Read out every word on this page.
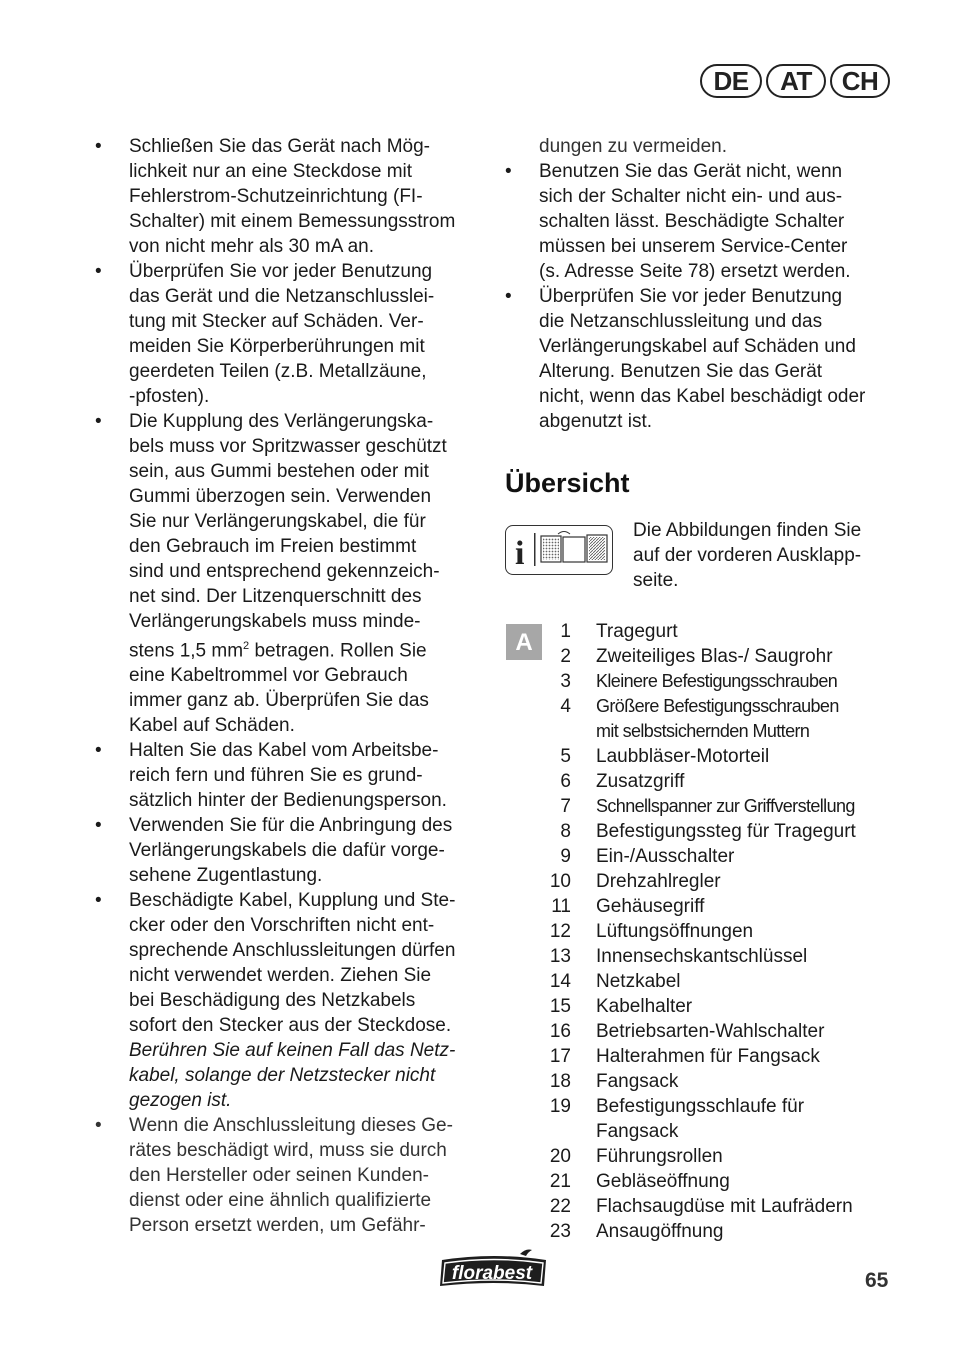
DE	AT	CH
• Schließen Sie das Gerät nach Mög-
lichkeit nur an eine Steckdose mit
Fehlerstrom-Schutzeinrichtung (FI-
Schalter) mit einem Bemessungsstrom
von nicht mehr als 30 mA an.
• Überprüfen Sie vor jeder Benutzung
das Gerät und die Netzanschlusslei-
tung mit Stecker auf Schäden. Ver-
meiden Sie Körperberührungen mit
geerdeten Teilen (z.B. Metallzäune,
-pfosten).
• Die Kupplung des Verlängerungska-
bels muss vor Spritzwasser geschützt
sein, aus Gummi bestehen oder mit
Gummi überzogen sein. Verwenden
Sie nur Verlängerungskabel, die für
den Gebrauch im Freien bestimmt
sind und entsprechend gekennzeich-
net sind. Der Litzenquerschnitt des
Verlängerungskabels muss minde-
stens 1,5 $mm^2$ betragen. Rollen Sie
eine Kabeltrommel vor Gebrauch
immer ganz ab. Überprüfen Sie das
Kabel auf Schäden.
• Halten Sie das Kabel vom Arbeitsbe-
reich fern und führen Sie es grund-
sätzlich hinter der Bedienungsperson.
• Verwenden Sie für die Anbringung des
Verlängerungskabels die dafür vorge-
sehene Zugentlastung.
• Beschädigte Kabel, Kupplung und Ste-
cker oder den Vorschriften nicht ent-
sprechende Anschlussleitungen dürfen
nicht verwendet werden. Ziehen Sie
bei Beschädigung des Netzkabels
sofort den Stecker aus der Steckdose.
Berühren Sie auf keinen Fall das Netz-
kabel, solange der Netzstecker nicht
gezogen ist.
• Wenn die Anschlussleitung dieses Ge-
rätes beschädigt wird, muss sie durch
den Hersteller oder seinen Kunden-
dienst oder eine ähnlich qualifizierte
Person ersetzt werden, um Gefähr-
dungen zu vermeiden.
• Benutzen Sie das Gerät nicht, wenn
sich der Schalter nicht ein- und aus-
schalten lässt. Beschädigte Schalter
müssen bei unserem Service-Center
(s. Adresse Seite 78) ersetzt werden.
• Überprüfen Sie vor jeder Benutzung
die Netzanschlussleitung und das
Verlängerungskabel auf Schäden und
Alterung. Benutzen Sie das Gerät
nicht, wenn das Kabel beschädigt oder
abgenutzt ist.
Übersicht
i
Die Abbildungen finden Sie
auf der vorderen Ausklapp-
seite.
A	1 Tragegurt
2 Zweiteiliges Blas-/ Saugrohr
3 Kleinere Befestigungsschrauben
4 Größere Befestigungsschrauben
mit selbstsichernden Muttern
5 Laubbläser-Motorteil
6 Zusatzgriff
7 Schnellspanner zur Griffverstellung
8 Befestigungssteg für Tragegurt
9 Ein-/Ausschalter
10 Drehzahlregler
11 Gehäusegriff
12 Lüftungsöffnungen
13 Innensechskantschlüssel
14 Netzkabel
15 Kabelhalter
16 Betriebsarten-Wahlschalter
17 Halterahmen für Fangsack
18 Fangsack
19 Befestigungsschlaufe für
Fangsack
20 Führungsrollen
21 Gebläseöffnung
22 Flachsaugdüse mit Laufrädern
23 Ansaugöffnung
florabest	65
